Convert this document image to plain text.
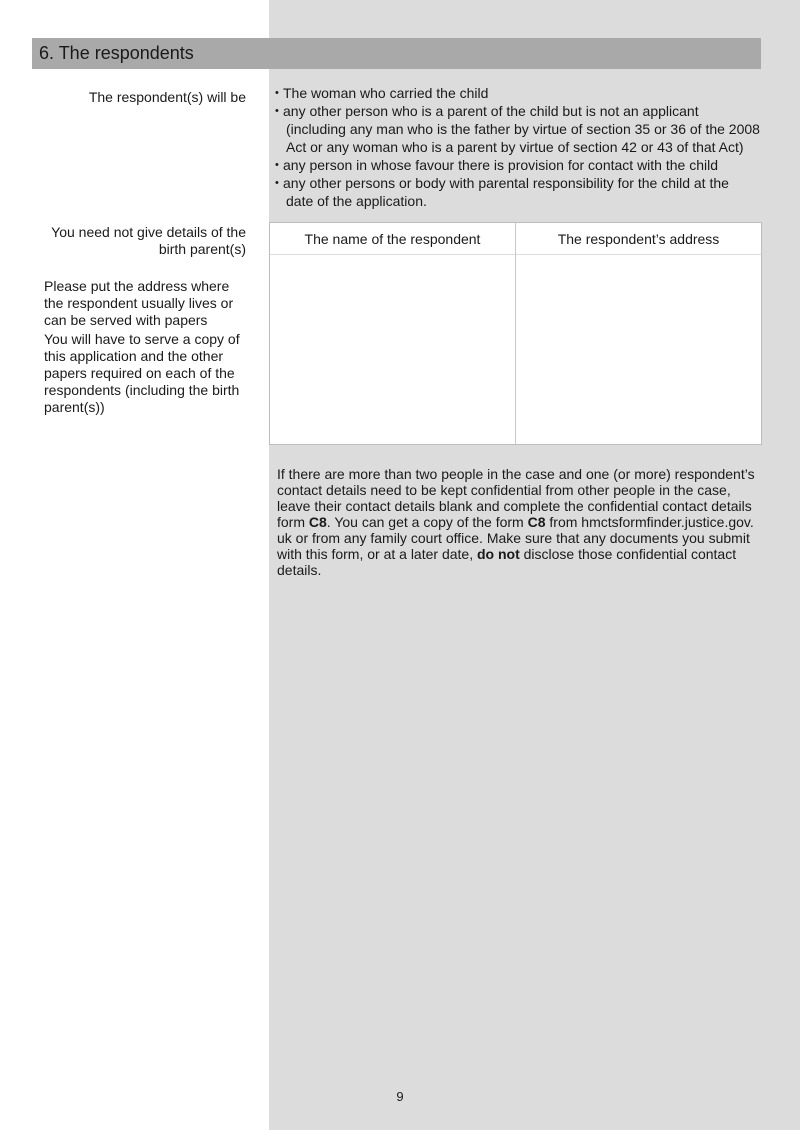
6. The respondents
The respondent(s) will be
•	The woman who carried the child
• any other person who is a parent of the child but is not an applicant
(including any man who is the father by virtue of section 35 or 36 of the 2008 Act or any woman who is a parent by virtue of section 42 or 43 of that Act)
• any person in whose favour there is provision for contact with the child
• any other persons or body with parental responsibility for the child at the
date of the application.
You need not give details of the birth parent(s)
Please put the address where the respondent usually lives or can be served with papers
You will have to serve a copy of this application and the other papers required on each of the respondents (including the birth parent(s))
The name of the respondent	The respondent’s address
If there are more than two people in the case and one (or more) respondent’s contact details need to be kept confidential from other people in the case, leave their contact details blank and complete the confidential contact details form C8. You can get a copy of the form C8 from hmctsformfinder.justice.gov. uk or from any family court office. Make sure that any documents you submit with this form, or at a later date, do not disclose those confidential contact details.
9
